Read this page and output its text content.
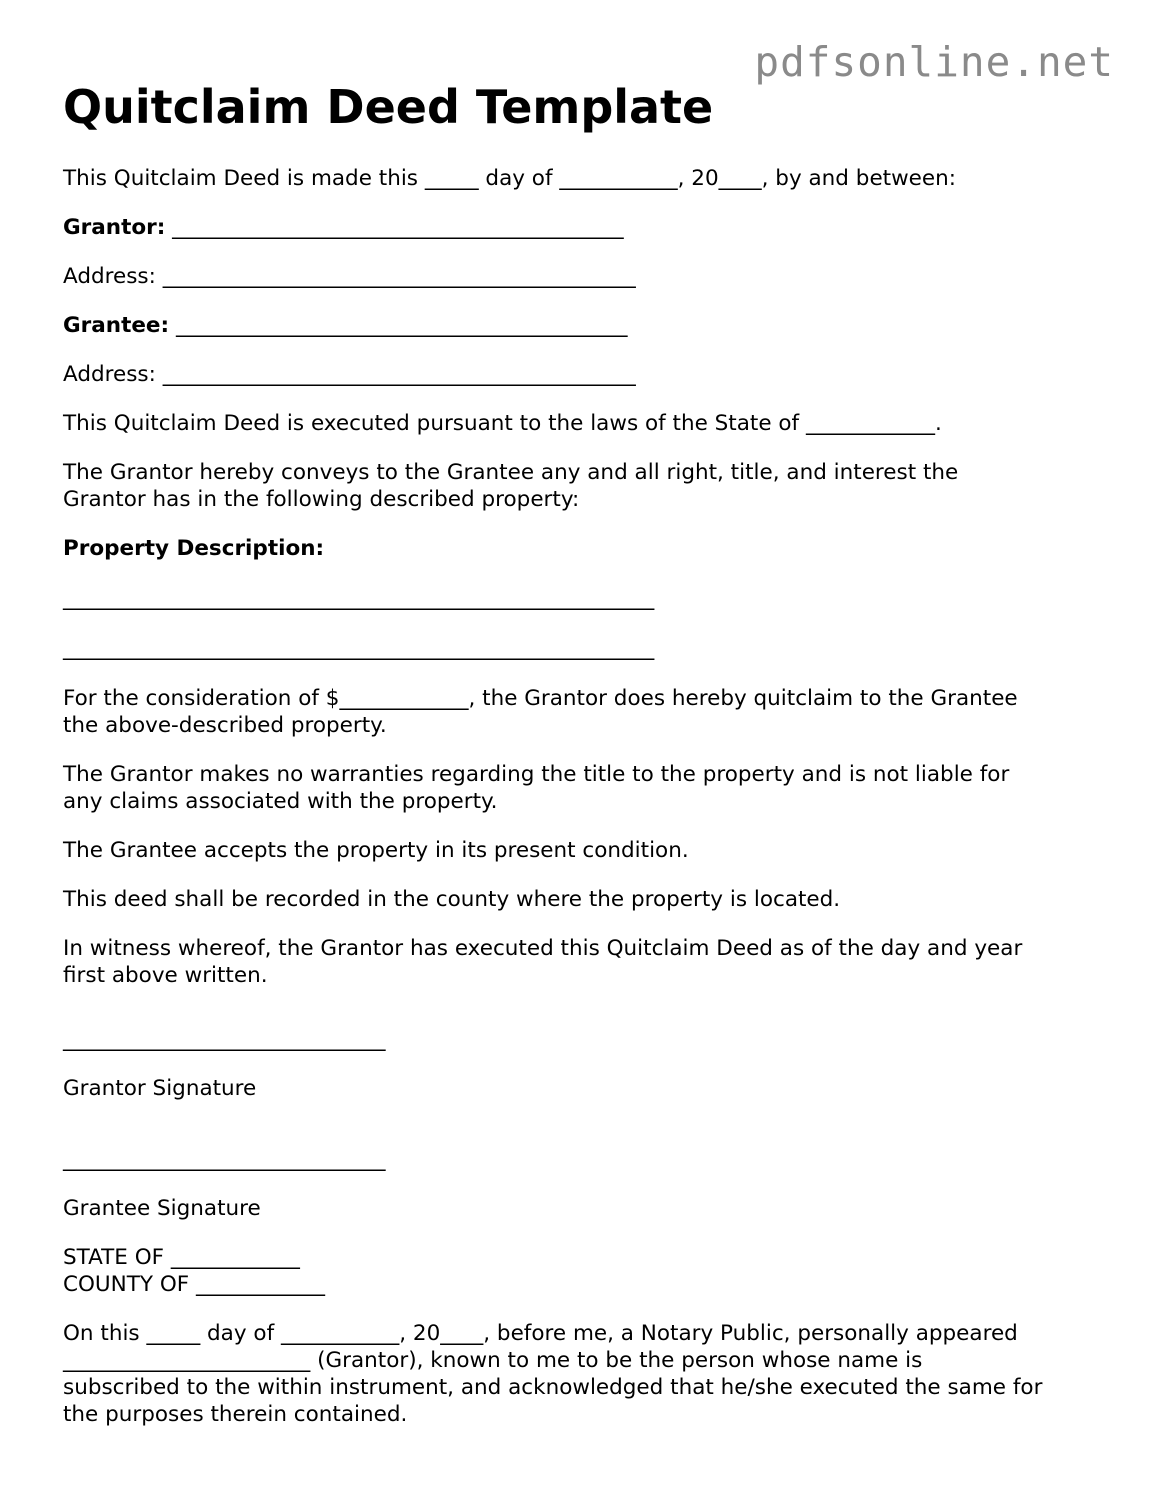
pdfsonline.net
Quitclaim Deed Template

This Quitclaim Deed is made this _____ day of ___________, 20____, by and between:

Grantor: __________________________________________

Address: ____________________________________________

Grantee: __________________________________________

Address: ____________________________________________

This Quitclaim Deed is executed pursuant to the laws of the State of ____________.

The Grantor hereby conveys to the Grantee any and all right, title, and interest the
Grantor has in the following described property:

Property Description:

_______________________________________________________

_______________________________________________________

For the consideration of $____________, the Grantor does hereby quitclaim to the Grantee
the above-described property.

The Grantor makes no warranties regarding the title to the property and is not liable for
any claims associated with the property.

The Grantee accepts the property in its present condition.

This deed shall be recorded in the county where the property is located.

In witness whereof, the Grantor has executed this Quitclaim Deed as of the day and year
first above written.

______________________________

Grantor Signature

______________________________

Grantee Signature

STATE OF ____________

COUNTY OF ____________

On this _____ day of ___________, 20____, before me, a Notary Public, personally appeared
_______________________ (Grantor), known to me to be the person whose name is
subscribed to the within instrument, and acknowledged that he/she executed the same for
the purposes therein contained.
